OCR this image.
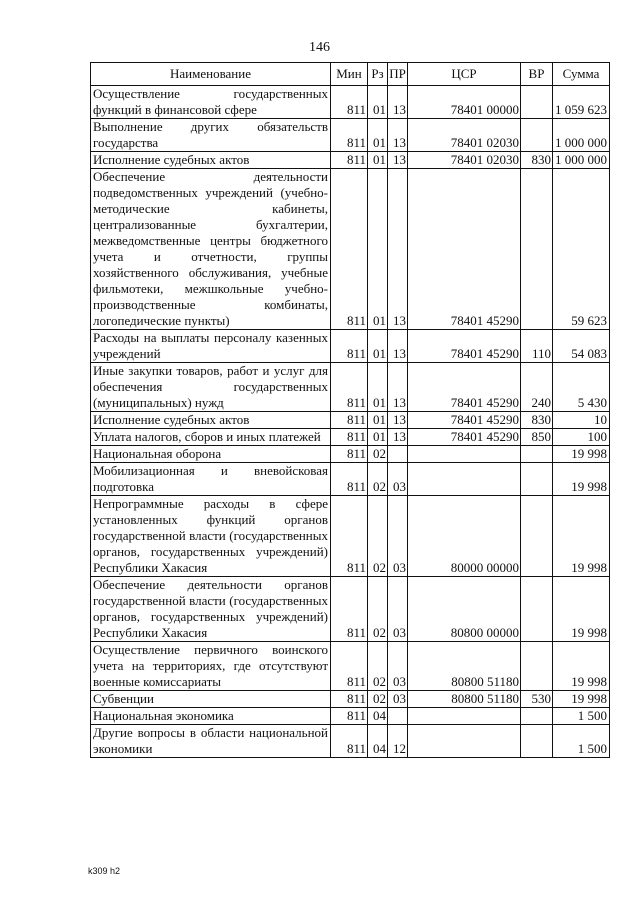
146
Наименование	Мин	Рз	ПР	ЦСР	ВР	Сумма
Осуществление государственных функций в финансовой сфере	811	01	13	78401 00000		1 059 623
Выполнение других обязательств государства	811	01	13	78401 02030		1 000 000
Исполнение судебных актов	811	01	13	78401 02030	830	1 000 000
Обеспечение деятельности подведомственных учреждений (учебно-методические кабинеты, централизованные бухгалтерии, межведомственные центры бюджетного учета и отчетности, группы хозяйственного обслуживания, учебные фильмотеки, межшкольные учебно-производственные комбинаты, логопедические пункты)	811	01	13	78401 45290		59 623
Расходы на выплаты персоналу казенных учреждений	811	01	13	78401 45290	110	54 083
Иные закупки товаров, работ и услуг для обеспечения государственных (муниципальных) нужд	811	01	13	78401 45290	240	5 430
Исполнение судебных актов	811	01	13	78401 45290	830	10
Уплата налогов, сборов и иных платежей	811	01	13	78401 45290	850	100
Национальная оборона	811	02				19 998
Мобилизационная и вневойсковая подготовка	811	02	03			19 998
Непрограммные расходы в сфере установленных функций органов государственной власти (государственных органов, государственных учреждений) Республики Хакасия	811	02	03	80000 00000		19 998
Обеспечение деятельности органов государственной власти (государственных органов, государственных учреждений) Республики Хакасия	811	02	03	80800 00000		19 998
Осуществление первичного воинского учета на территориях, где отсутствуют военные комиссариаты	811	02	03	80800 51180		19 998
Субвенции	811	02	03	80800 51180	530	19 998
Национальная экономика	811	04				1 500
Другие вопросы в области национальной экономики	811	04	12			1 500
k309 h2
